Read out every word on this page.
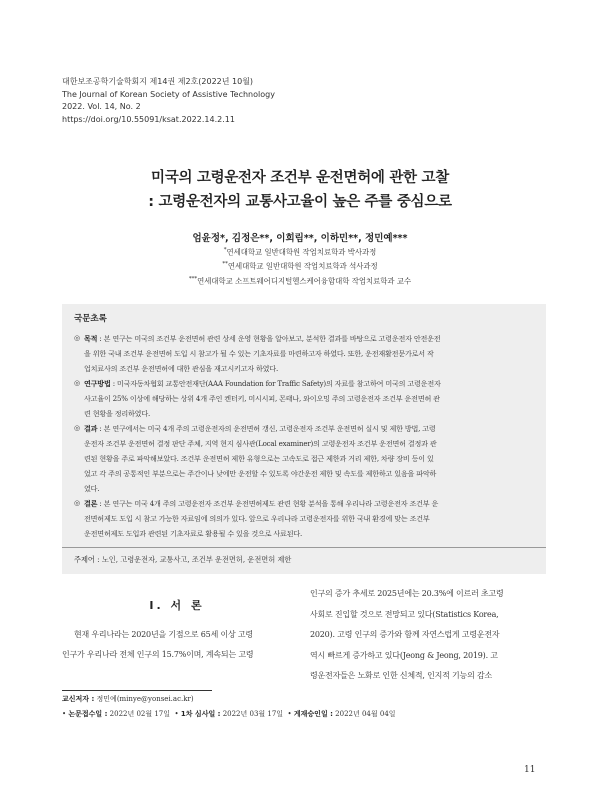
대한보조공학기술학회지 제14권 제2호(2022년 10월)
The Journal of Korean Society of Assistive Technology
2022. Vol. 14, No. 2
https://doi.org/10.55091/ksat.2022.14.2.11
미국의 고령운전자 조건부 운전면허에 관한 고찰
: 고령운전자의 교통사고율이 높은 주를 중심으로
엄윤정*, 김정은**, 이희림**, 이하민**, 정민예***
*연세대학교 일반대학원 작업치료학과 박사과정
**연세대학교 일반대학원 작업치료학과 석사과정
***연세대학교 소프트웨어디지털헬스케어융합대학 작업치료학과 교수
국문초록
◎ 목적 : 본 연구는 미국의 조건부 운전면허 관련 상세 운영 현황을 알아보고, 분석한 결과를 바탕으로 고령운전자 안전운전
을 위한 국내 조건부 운전면허 도입 시 참고가 될 수 있는 기초자료를 마련하고자 하였다. 또한, 운전재활전문가로서 작
업치료사의 조건부 운전면허에 대한 관심을 재고시키고자 하였다.
◎ 연구방법 : 미국자동차협회 교통안전재단(AAA Foundation for Traffic Safety)의 자료를 참고하여 미국의 고령운전자
사고율이 25% 이상에 해당하는 상위 4개 주인 켄터키, 미시시피, 몬태나, 와이오밍 주의 고령운전자 조건부 운전면허 관
련 현황을 정리하였다.
◎ 결과 : 본 연구에서는 미국 4개 주의 고령운전자의 운전면허 갱신, 고령운전자 조건부 운전면허 실시 및 제한 방법, 고령
운전자 조건부 운전면허 결정 판단 주체, 지역 현지 심사관(Local examiner)의 고령운전자 조건부 운전면허 결정과 관
련된 현황을 주로 파악해보았다. 조건부 운전면허 제한 유형으로는 고속도로 접근 제한과 거리 제한, 차량 장비 등이 있
었고 각 주의 공통적인 부분으로는 주간이나 낮에만 운전할 수 있도록 야간운전 제한 및 속도를 제한하고 있음을 파악하
였다.
◎ 결론 : 본 연구는 미국 4개 주의 고령운전자 조건부 운전면허제도 관련 현황 분석을 통해 우리나라 고령운전자 조건부 운
전면허제도 도입 시 참고 가능한 자료임에 의의가 있다. 앞으로 우리나라 고령운전자를 위한 국내 환경에 맞는 조건부
운전면허제도 도입과 관련된 기초자료로 활용될 수 있을 것으로 사료된다.
주제어 : 노인, 고령운전자, 교통사고, 조건부 운전면허, 운전면허 제한
I. 서 론
현재 우리나라는 2020년을 기점으로 65세 이상 고령
인구가 우리나라 전체 인구의 15.7%이며, 계속되는 고령
인구의 증가 추세로 2025년에는 20.3%에 이르러 초고령
사회로 진입할 것으로 전망되고 있다(Statistics Korea,
2020). 고령 인구의 증가와 함께 자연스럽게 고령운전자
역시 빠르게 증가하고 있다(Jeong & Jeong, 2019). 고
령운전자들은 노화로 인한 신체적, 인지적 기능의 감소
교신저자 : 정민예(minye@yonsei.ac.kr)
• 논문접수일 : 2022년 02월 17일 • 1차 심사일 : 2022년 03월 17일 • 게재승인일 : 2022년 04월 04일
11
